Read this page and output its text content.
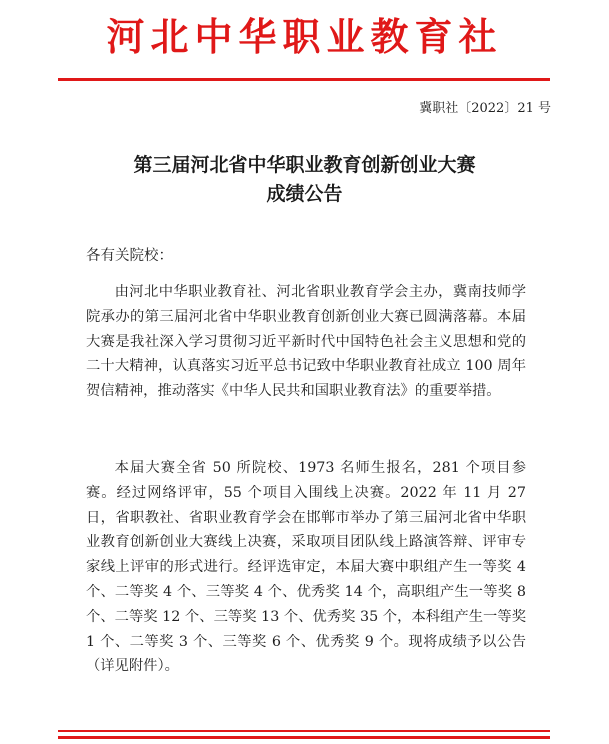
河北中华职业教育社
冀职社〔2022〕21 号
第三届河北省中华职业教育创新创业大赛
成绩公告
各有关院校：

由河北中华职业教育社、河北省职业教育学会主办，冀南技师学院承办的第三届河北省中华职业教育创新创业大赛已圆满落幕。本届大赛是我社深入学习贯彻习近平新时代中国特色社会主义思想和党的二十大精神，认真落实习近平总书记致中华职业教育社成立 100 周年贺信精神，推动落实《中华人民共和国职业教育法》的重要举措。

本届大赛全省 50 所院校、1973 名师生报名，281 个项目参赛。经过网络评审，55 个项目入围线上决赛。2022 年 11 月 27 日，省职教社、省职业教育学会在邯郸市举办了第三届河北省中华职业教育创新创业大赛线上决赛，采取项目团队线上路演答辩、评审专家线上评审的形式进行。经评选审定，本届大赛中职组产生一等奖 4 个、二等奖 4 个、三等奖 4 个、优秀奖 14 个，高职组产生一等奖 8 个、二等奖 12 个、三等奖 13 个、优秀奖 35 个，本科组产生一等奖 1 个、二等奖 3 个、三等奖 6 个、优秀奖 9 个。现将成绩予以公告（详见附件）。
